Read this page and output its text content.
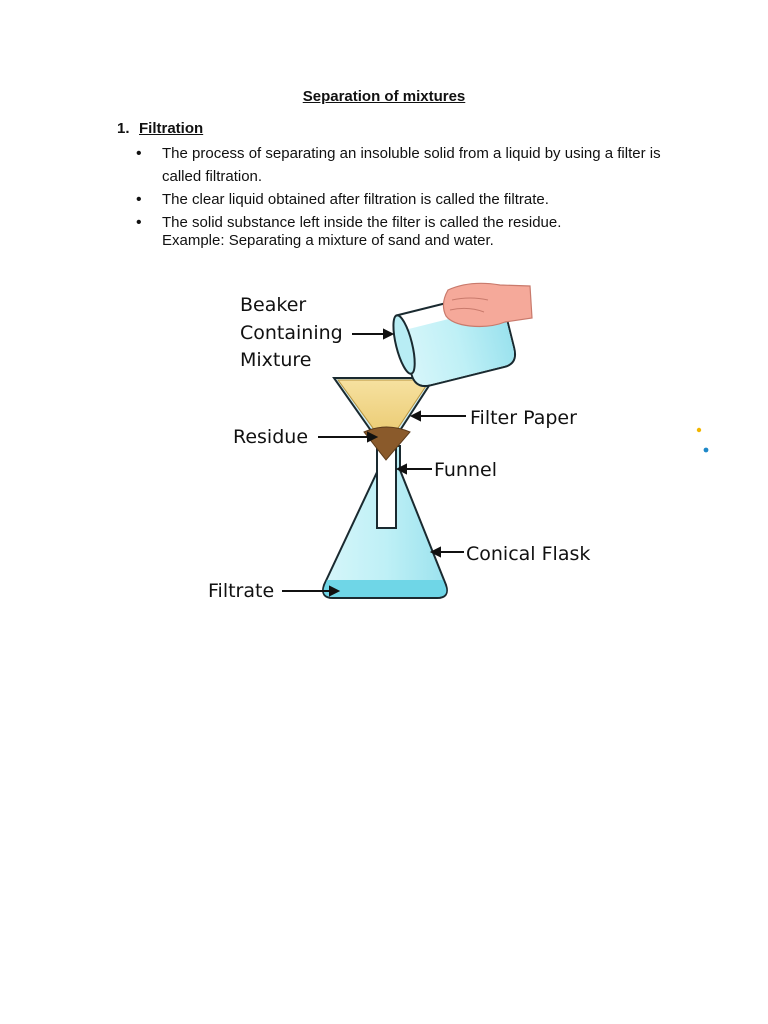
Separation of mixtures
1. Filtration
• The process of separating an insoluble solid from a liquid by using a filter is called filtration.
• The clear liquid obtained after filtration is called the filtrate.
• The solid substance left inside the filter is called the residue.
Example: Separating a mixture of sand and water.
Beaker
Containing
Mixture
Filter Paper
Residue
Funnel
Conical Flask
Filtrate
